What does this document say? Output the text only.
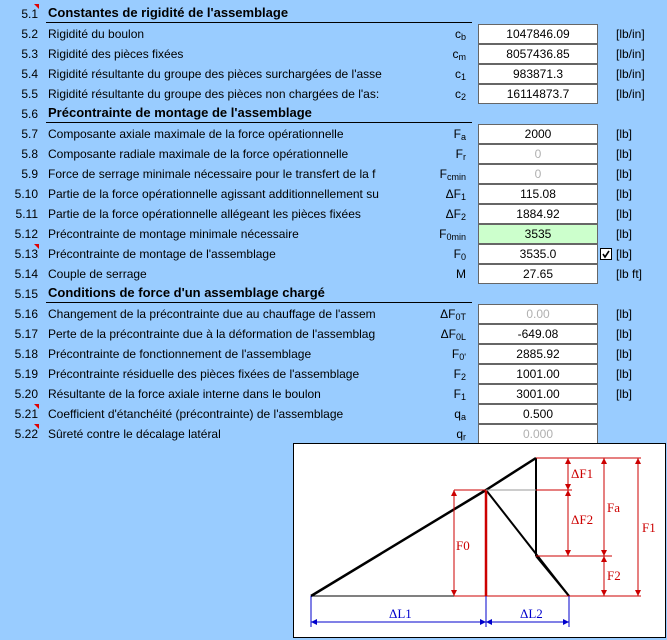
5.1 Constantes de rigidité de l'assemblage
5.2 Rigidité du boulon	$c_b$	1047846.09	[lb/in]
5.3 Rigidité des pièces fixées	$c_m$	8057436.85	[lb/in]
5.4 Rigidité résultante du groupe des pièces surchargées de l'asse	$c_1$	983871.3	[lb/in]
5.5 Rigidité résultante du groupe des pièces non chargées de l'as:	$c_2$	16114873.7	[lb/in]
5.6 Précontrainte de montage de l'assemblage
5.7 Composante axiale maximale de la force opérationnelle	$F_a$	2000	[lb]
5.8 Composante radiale maximale de la force opérationnelle	$F_r$	0	[lb]
5.9 Force de serrage minimale nécessaire pour le transfert de la f	$F_{cmin}$	0	[lb]
5.10 Partie de la force opérationnelle agissant additionnellement su	$\Delta F_1$	115.08	[lb]
5.11 Partie de la force opérationnelle allégeant les pièces fixées	$\Delta F_2$	1884.92	[lb]
5.12 Précontrainte de montage minimale nécessaire	$F_{0min}$	3535	[lb]
5.13 Précontrainte de montage de l'assemblage	$F_0$	3535.0	[lb]
5.14 Couple de serrage	M	27.65	[lb ft]
5.15 Conditions de force d'un assemblage chargé
5.16 Changement de la précontrainte due au chauffage de l'assem	$\Delta F_{0T}$	0.00	[lb]
5.17 Perte de la précontrainte due à la déformation de l'assemblag	$\Delta F_{0L}$	-649.08	[lb]
5.18 Précontrainte de fonctionnement de l'assemblage	$F_{0'}$	2885.92	[lb]
5.19 Précontrainte résiduelle des pièces fixées de l'assemblage	$F_2$	1001.00	[lb]
5.20 Résultante de la force axiale interne dans le boulon	$F_1$	3001.00	[lb]
5.21 Coefficient d'étanchéité (précontrainte) de l'assemblage	$q_a$	0.500
5.22 Sûreté contre le décalage latéral	$q_r$	0.000
ΔF1
ΔF2
Fa
F1
F2
F0
ΔL1	ΔL2
